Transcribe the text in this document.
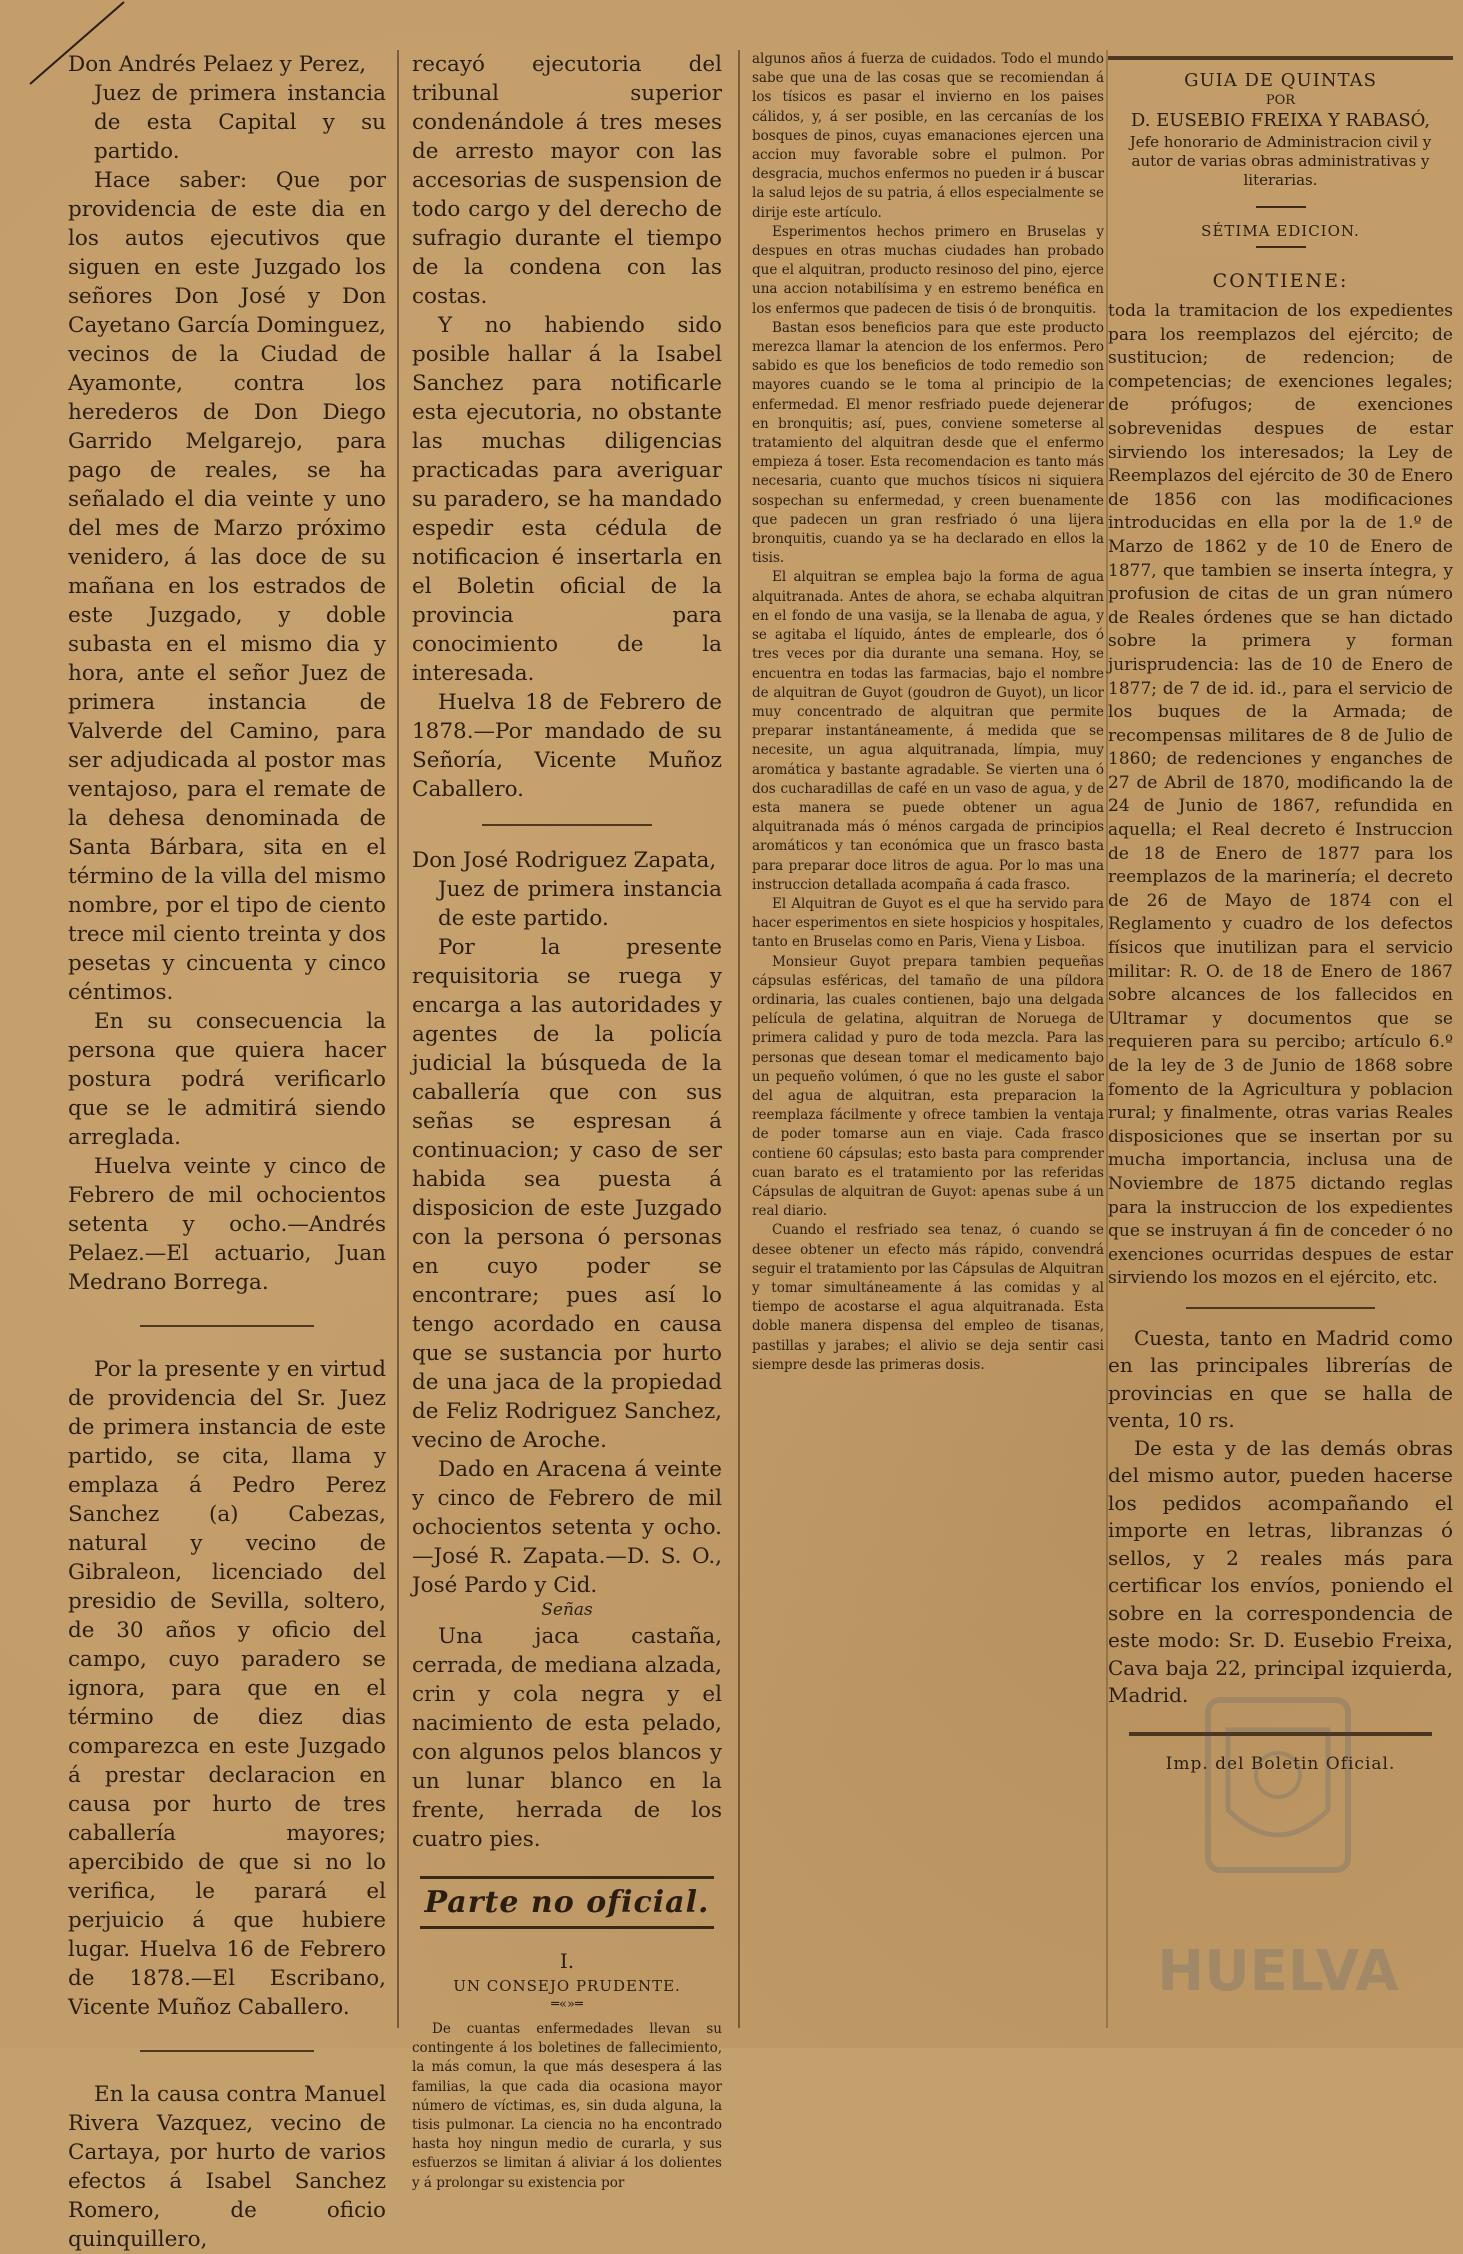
Don Andrés Pelaez y Perez,

Juez de primera instancia de esta Capital y su partido.

Hace saber: Que por providencia de este dia en los autos ejecutivos que siguen en este Juzgado los señores Don José y Don Cayetano García Dominguez, vecinos de la Ciudad de Ayamonte, contra los herederos de Don Diego Garrido Melgarejo, para pago de reales, se ha señalado el dia veinte y uno del mes de Marzo próximo venidero, á las doce de su mañana en los estrados de este Juzgado, y doble subasta en el mismo dia y hora, ante el señor Juez de primera instancia de Valverde del Camino, para ser adjudicada al postor mas ventajoso, para el remate de la dehesa denominada de Santa Bárbara, sita en el término de la villa del mismo nombre, por el tipo de ciento trece mil ciento treinta y dos pesetas y cincuenta y cinco céntimos.

En su consecuencia la persona que quiera hacer postura podrá verificarlo que se le admitirá siendo arreglada.

Huelva veinte y cinco de Febrero de mil ochocientos setenta y ocho.—Andrés Pelaez.—El actuario, Juan Medrano Borrega.

Por la presente y en virtud de providencia del Sr. Juez de primera instancia de este partido, se cita, llama y emplaza á Pedro Perez Sanchez (a) Cabezas, natural y vecino de Gibraleon, licenciado del presidio de Sevilla, soltero, de 30 años y oficio del campo, cuyo paradero se ignora, para que en el término de diez dias comparezca en este Juzgado á prestar declaracion en causa por hurto de tres caballería mayores; apercibido de que si no lo verifica, le parará el perjuicio á que hubiere lugar. Huelva 16 de Febrero de 1878.—El Escribano, Vicente Muñoz Caballero.

En la causa contra Manuel Rivera Vazquez, vecino de Cartaya, por hurto de varios efectos á Isabel Sanchez Romero, de oficio quinquillero,

recayó ejecutoria del tribunal superior condenándole á tres meses de arresto mayor con las accesorias de suspension de todo cargo y del derecho de sufragio durante el tiempo de la condena con las costas.

Y no habiendo sido posible hallar á la Isabel Sanchez para notificarle esta ejecutoria, no obstante las muchas diligencias practicadas para averiguar su paradero, se ha mandado espedir esta cédula de notificacion é insertarla en el Boletin oficial de la provincia para conocimiento de la interesada.

Huelva 18 de Febrero de 1878.—Por mandado de su Señoría, Vicente Muñoz Caballero.

Don José Rodriguez Zapata,

Juez de primera instancia de este partido.

Por la presente requisitoria se ruega y encarga a las autoridades y agentes de la policía judicial la búsqueda de la caballería que con sus señas se espresan á continuacion; y caso de ser habida sea puesta á disposicion de este Juzgado con la persona ó personas en cuyo poder se encontrare; pues así lo tengo acordado en causa que se sustancia por hurto de una jaca de la propiedad de Feliz Rodriguez Sanchez, vecino de Aroche.

Dado en Aracena á veinte y cinco de Febrero de mil ochocientos setenta y ocho.—José R. Zapata.—D. S. O., José Pardo y Cid.

Señas

Una jaca castaña, cerrada, de mediana alzada, crin y cola negra y el nacimiento de esta pelado, con algunos pelos blancos y un lunar blanco en la frente, herrada de los cuatro pies.

Parte no oficial.
I.
UN CONSEJO PRUDENTE.
═«»═

De cuantas enfermedades llevan su contingente á los boletines de fallecimiento, la más comun, la que más desespera á las familias, la que cada dia ocasiona mayor número de víctimas, es, sin duda alguna, la tisis pulmonar. La ciencia no ha encontrado hasta hoy ningun medio de curarla, y sus esfuerzos se limitan á aliviar á los dolientes y á prolongar su existencia por

algunos años á fuerza de cuidados. Todo el mundo sabe que una de las cosas que se recomiendan á los tísicos es pasar el invierno en los paises cálidos, y, á ser posible, en las cercanías de los bosques de pinos, cuyas emanaciones ejercen una accion muy favorable sobre el pulmon. Por desgracia, muchos enfermos no pueden ir á buscar la salud lejos de su patria, á ellos especialmente se dirije este artículo.

Esperimentos hechos primero en Bruselas y despues en otras muchas ciudades han probado que el alquitran, producto resinoso del pino, ejerce una accion notabilísima y en estremo benéfica en los enfermos que padecen de tisis ó de bronquitis.

Bastan esos beneficios para que este producto merezca llamar la atencion de los enfermos. Pero sabido es que los beneficios de todo remedio son mayores cuando se le toma al principio de la enfermedad. El menor resfriado puede dejenerar en bronquitis; así, pues, conviene someterse al tratamiento del alquitran desde que el enfermo empieza á toser. Esta recomendacion es tanto más necesaria, cuanto que muchos tísicos ni siquiera sospechan su enfermedad, y creen buenamente que padecen un gran resfriado ó una lijera bronquitis, cuando ya se ha declarado en ellos la tisis.

El alquitran se emplea bajo la forma de agua alquitranada. Antes de ahora, se echaba alquitran en el fondo de una vasija, se la llenaba de agua, y se agitaba el líquido, ántes de emplearle, dos ó tres veces por dia durante una semana. Hoy, se encuentra en todas las farmacias, bajo el nombre de alquitran de Guyot (goudron de Guyot), un licor muy concentrado de alquitran que permite preparar instantáneamente, á medida que se necesite, un agua alquitranada, límpia, muy aromática y bastante agradable. Se vierten una ó dos cucharadillas de café en un vaso de agua, y de esta manera se puede obtener un agua alquitranada más ó ménos cargada de principios aromáticos y tan económica que un frasco basta para preparar doce litros de agua. Por lo mas una instruccion detallada acompaña á cada frasco.

El Alquitran de Guyot es el que ha servido para hacer esperimentos en siete hospicios y hospitales, tanto en Bruselas como en Paris, Viena y Lisboa.

Monsieur Guyot prepara tambien pequeñas cápsulas esféricas, del tamaño de una píldora ordinaria, las cuales contienen, bajo una delgada película de gelatina, alquitran de Noruega de primera calidad y puro de toda mezcla. Para las personas que desean tomar el medicamento bajo un pequeño volúmen, ó que no les guste el sabor del agua de alquitran, esta preparacion la reemplaza fácilmente y ofrece tambien la ventaja de poder tomarse aun en viaje. Cada frasco contiene 60 cápsulas; esto basta para comprender cuan barato es el tratamiento por las referidas Cápsulas de alquitran de Guyot: apenas sube á un real diario.

Cuando el resfriado sea tenaz, ó cuando se desee obtener un efecto más rápido, convendrá seguir el tratamiento por las Cápsulas de Alquitran y tomar simultáneamente á las comidas y al tiempo de acostarse el agua alquitranada. Esta doble manera dispensa del empleo de tisanas, pastillas y jarabes; el alivio se deja sentir casi siempre desde las primeras dosis.

GUIA DE QUINTAS
POR
D. EUSEBIO FREIXA Y RABASÓ,
Jefe honorario de Administracion civil y autor de varias obras administrativas y literarias.
SÉTIMA EDICION.
CONTIENE:

toda la tramitacion de los expedientes para los reemplazos del ejército; de sustitucion; de redencion; de competencias; de exenciones legales; de prófugos; de exenciones sobrevenidas despues de estar sirviendo los interesados; la Ley de Reemplazos del ejército de 30 de Enero de 1856 con las modificaciones introducidas en ella por la de 1.º de Marzo de 1862 y de 10 de Enero de 1877, que tambien se inserta íntegra, y profusion de citas de un gran número de Reales órdenes que se han dictado sobre la primera y forman jurisprudencia: las de 10 de Enero de 1877; de 7 de id. id., para el servicio de los buques de la Armada; de recompensas militares de 8 de Julio de 1860; de redenciones y enganches de 27 de Abril de 1870, modificando la de 24 de Junio de 1867, refundida en aquella; el Real decreto é Instruccion de 18 de Enero de 1877 para los reemplazos de la marinería; el decreto de 26 de Mayo de 1874 con el Reglamento y cuadro de los defectos físicos que inutilizan para el servicio militar: R. O. de 18 de Enero de 1867 sobre alcances de los fallecidos en Ultramar y documentos que se requieren para su percibo; artículo 6.º de la ley de 3 de Junio de 1868 sobre fomento de la Agricultura y poblacion rural; y finalmente, otras varias Reales disposiciones que se insertan por su mucha importancia, inclusa una de Noviembre de 1875 dictando reglas para la instruccion de los expedientes que se instruyan á fin de conceder ó no exenciones ocurridas despues de estar sirviendo los mozos en el ejército, etc.

Cuesta, tanto en Madrid como en las principales librerías de provincias en que se halla de venta, 10 rs.

De esta y de las demás obras del mismo autor, pueden hacerse los pedidos acompañando el importe en letras, libranzas ó sellos, y 2 reales más para certificar los envíos, poniendo el sobre en la correspondencia de este modo: Sr. D. Eusebio Freixa, Cava baja 22, principal izquierda, Madrid.

Imp. del Boletin Oficial.
HUELVA
